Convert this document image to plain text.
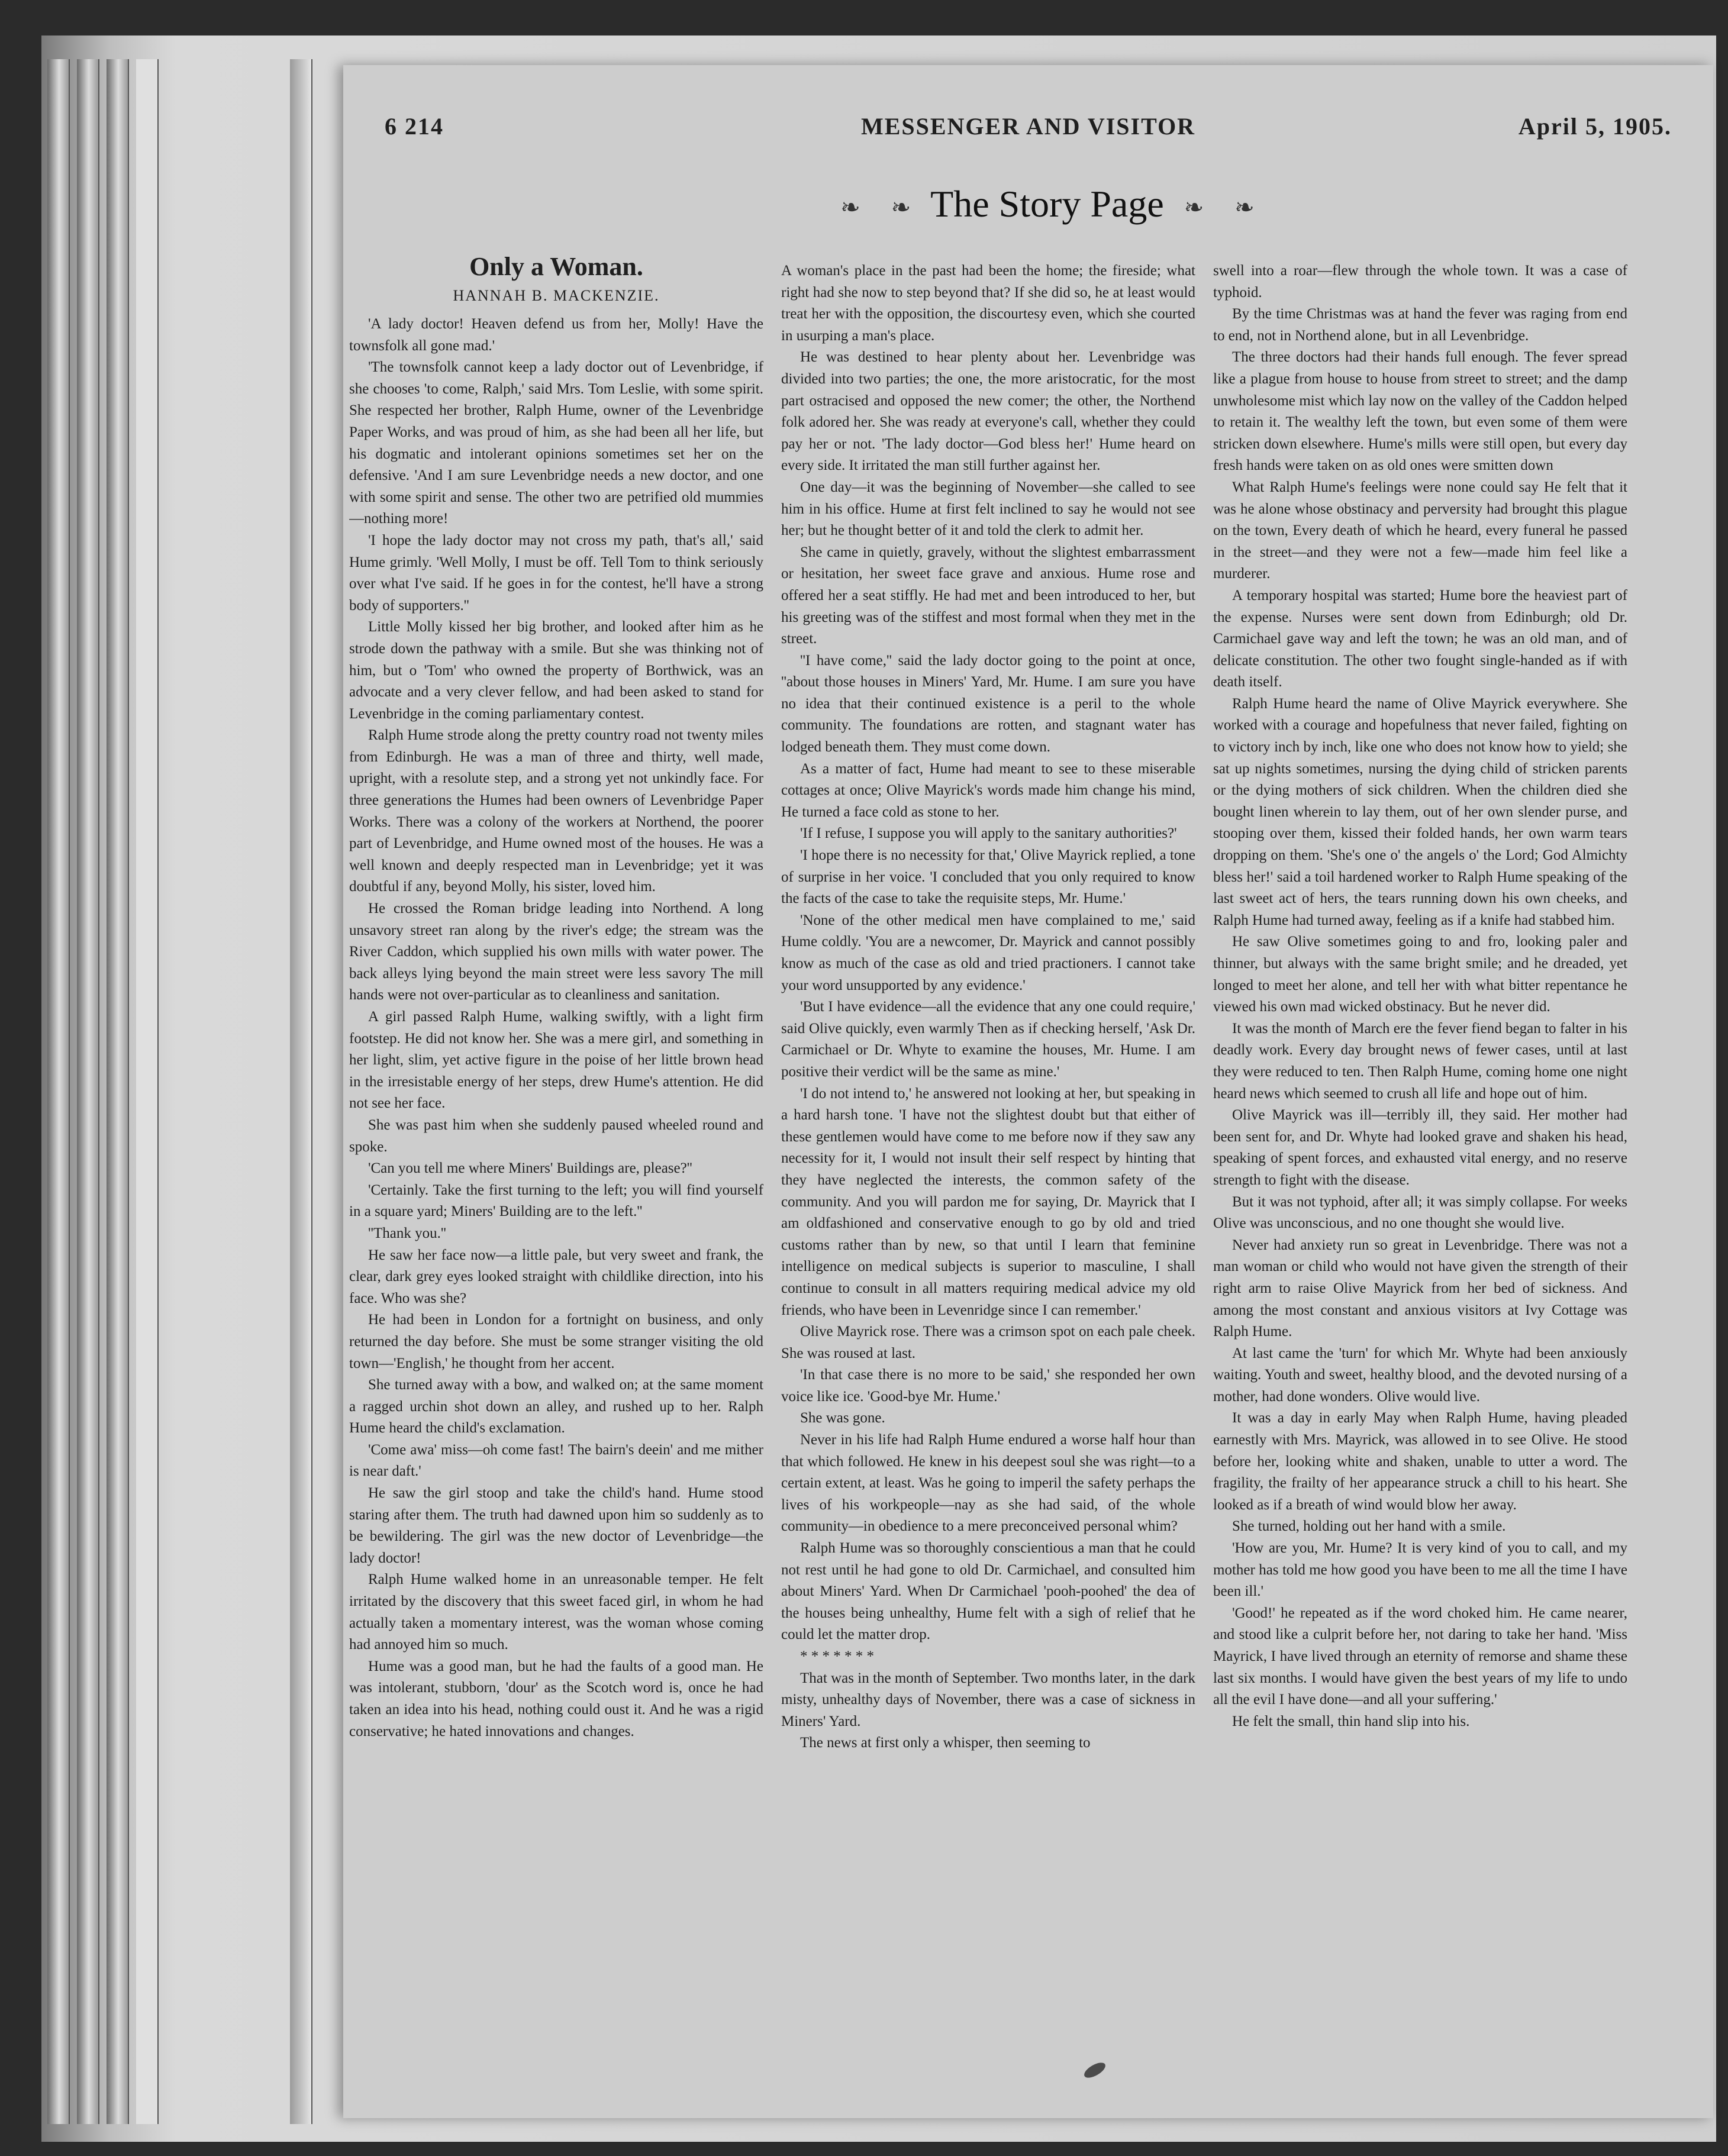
6 214	MESSENGER AND VISITOR	April 5, 1905.
❧ ❧ The Story Page ❧ ❧
Only a Woman.
HANNAH B. MACKENZIE.

'A lady doctor! Heaven defend us from her, Molly! Have the townsfolk all gone mad.'

'The townsfolk cannot keep a lady doctor out of Levenbridge, if she chooses 'to come, Ralph,' said Mrs. Tom Leslie, with some spirit. She respected her brother, Ralph Hume, owner of the Levenbridge Paper Works, and was proud of him, as she had been all her life, but his dogmatic and intolerant opinions sometimes set her on the defensive. 'And I am sure Levenbridge needs a new doctor, and one with some spirit and sense. The other two are petrified old mummies—nothing more!

'I hope the lady doctor may not cross my path, that's all,' said Hume grimly. 'Well Molly, I must be off. Tell Tom to think seriously over what I've said. If he goes in for the contest, he'll have a strong body of supporters.''

Little Molly kissed her big brother, and looked after him as he strode down the pathway with a smile. But she was thinking not of him, but o 'Tom' who owned the property of Borthwick, was an advocate and a very clever fellow, and had been asked to stand for Levenbridge in the coming parliamentary contest.

Ralph Hume strode along the pretty country road not twenty miles from Edinburgh. He was a man of three and thirty, well made, upright, with a resolute step, and a strong yet not unkindly face. For three generations the Humes had been owners of Levenbridge Paper Works. There was a colony of the workers at Northend, the poorer part of Levenbridge, and Hume owned most of the houses. He was a well known and deeply respected man in Levenbridge; yet it was doubtful if any, beyond Molly, his sister, loved him.

He crossed the Roman bridge leading into Northend. A long unsavory street ran along by the river's edge; the stream was the River Caddon, which supplied his own mills with water power. The back alleys lying beyond the main street were less savory The mill hands were not over-particular as to cleanliness and sanitation.

A girl passed Ralph Hume, walking swiftly, with a light firm footstep. He did not know her. She was a mere girl, and something in her light, slim, yet active figure in the poise of her little brown head in the irresistable energy of her steps, drew Hume's attention. He did not see her face.

She was past him when she suddenly paused wheeled round and spoke.

'Can you tell me where Miners' Buildings are, please?''

'Certainly. Take the first turning to the left; you will find yourself in a square yard; Miners' Building are to the left.''

''Thank you.''

He saw her face now—a little pale, but very sweet and frank, the clear, dark grey eyes looked straight with childlike direction, into his face. Who was she?

He had been in London for a fortnight on business, and only returned the day before. She must be some stranger visiting the old town—'English,' he thought from her accent.

She turned away with a bow, and walked on; at the same moment a ragged urchin shot down an alley, and rushed up to her. Ralph Hume heard the child's exclamation.

'Come awa' miss—oh come fast! The bairn's deein' and me mither is near daft.'

He saw the girl stoop and take the child's hand. Hume stood staring after them. The truth had dawned upon him so suddenly as to be bewildering. The girl was the new doctor of Levenbridge—the lady doctor!

Ralph Hume walked home in an unreasonable temper. He felt irritated by the discovery that this sweet faced girl, in whom he had actually taken a momentary interest, was the woman whose coming had annoyed him so much.

Hume was a good man, but he had the faults of a good man. He was intolerant, stubborn, 'dour' as the Scotch word is, once he had taken an idea into his head, nothing could oust it. And he was a rigid conservative; he hated innovations and changes.

A woman's place in the past had been the home; the fireside; what right had she now to step beyond that? If she did so, he at least would treat her with the opposition, the discourtesy even, which she courted in usurping a man's place.

He was destined to hear plenty about her. Levenbridge was divided into two parties; the one, the more aristocratic, for the most part ostracised and opposed the new comer; the other, the Northend folk adored her. She was ready at everyone's call, whether they could pay her or not. 'The lady doctor—God bless her!' Hume heard on every side. It irritated the man still further against her.

One day—it was the beginning of November—she called to see him in his office. Hume at first felt inclined to say he would not see her; but he thought better of it and told the clerk to admit her.

She came in quietly, gravely, without the slightest embarrassment or hesitation, her sweet face grave and anxious. Hume rose and offered her a seat stiffly. He had met and been introduced to her, but his greeting was of the stiffest and most formal when they met in the street.

''I have come,'' said the lady doctor going to the point at once, ''about those houses in Miners' Yard, Mr. Hume. I am sure you have no idea that their continued existence is a peril to the whole community. The foundations are rotten, and stagnant water has lodged beneath them. They must come down.

As a matter of fact, Hume had meant to see to these miserable cottages at once; Olive Mayrick's words made him change his mind, He turned a face cold as stone to her.

'If I refuse, I suppose you will apply to the sanitary authorities?'

'I hope there is no necessity for that,' Olive Mayrick replied, a tone of surprise in her voice. 'I concluded that you only required to know the facts of the case to take the requisite steps, Mr. Hume.'

'None of the other medical men have complained to me,' said Hume coldly. 'You are a newcomer, Dr. Mayrick and cannot possibly know as much of the case as old and tried practioners. I cannot take your word unsupported by any evidence.'

'But I have evidence—all the evidence that any one could require,' said Olive quickly, even warmly Then as if checking herself, 'Ask Dr. Carmichael or Dr. Whyte to examine the houses, Mr. Hume. I am positive their verdict will be the same as mine.'

'I do not intend to,' he answered not looking at her, but speaking in a hard harsh tone. 'I have not the slightest doubt but that either of these gentlemen would have come to me before now if they saw any necessity for it, I would not insult their self respect by hinting that they have neglected the interests, the common safety of the community. And you will pardon me for saying, Dr. Mayrick that I am oldfashioned and conservative enough to go by old and tried customs rather than by new, so that until I learn that feminine intelligence on medical subjects is superior to masculine, I shall continue to consult in all matters requiring medical advice my old friends, who have been in Levenridge since I can remember.'

Olive Mayrick rose. There was a crimson spot on each pale cheek. She was roused at last.

'In that case there is no more to be said,' she responded her own voice like ice. 'Good-bye Mr. Hume.'

She was gone.

Never in his life had Ralph Hume endured a worse half hour than that which followed. He knew in his deepest soul she was right—to a certain extent, at least. Was he going to imperil the safety perhaps the lives of his workpeople—nay as she had said, of the whole community—in obedience to a mere preconceived personal whim?

Ralph Hume was so thoroughly conscientious a man that he could not rest until he had gone to old Dr. Carmichael, and consulted him about Miners' Yard. When Dr Carmichael 'pooh-poohed' the dea of the houses being unhealthy, Hume felt with a sigh of relief that he could let the matter drop.

* * * * * * *

That was in the month of September. Two months later, in the dark misty, unhealthy days of November, there was a case of sickness in Miners' Yard.

The news at first only a whisper, then seeming to

swell into a roar—flew through the whole town. It was a case of typhoid.

By the time Christmas was at hand the fever was raging from end to end, not in Northend alone, but in all Levenbridge.

The three doctors had their hands full enough. The fever spread like a plague from house to house from street to street; and the damp unwholesome mist which lay now on the valley of the Caddon helped to retain it. The wealthy left the town, but even some of them were stricken down elsewhere. Hume's mills were still open, but every day fresh hands were taken on as old ones were smitten down

What Ralph Hume's feelings were none could say He felt that it was he alone whose obstinacy and perversity had brought this plague on the town, Every death of which he heard, every funeral he passed in the street—and they were not a few—made him feel like a murderer.

A temporary hospital was started; Hume bore the heaviest part of the expense. Nurses were sent down from Edinburgh; old Dr. Carmichael gave way and left the town; he was an old man, and of delicate constitution. The other two fought single-handed as if with death itself.

Ralph Hume heard the name of Olive Mayrick everywhere. She worked with a courage and hopefulness that never failed, fighting on to victory inch by inch, like one who does not know how to yield; she sat up nights sometimes, nursing the dying child of stricken parents or the dying mothers of sick children. When the children died she bought linen wherein to lay them, out of her own slender purse, and stooping over them, kissed their folded hands, her own warm tears dropping on them. 'She's one o' the angels o' the Lord; God Almichty bless her!' said a toil hardened worker to Ralph Hume speaking of the last sweet act of hers, the tears running down his own cheeks, and Ralph Hume had turned away, feeling as if a knife had stabbed him.

He saw Olive sometimes going to and fro, looking paler and thinner, but always with the same bright smile; and he dreaded, yet longed to meet her alone, and tell her with what bitter repentance he viewed his own mad wicked obstinacy. But he never did.

It was the month of March ere the fever fiend began to falter in his deadly work. Every day brought news of fewer cases, until at last they were reduced to ten. Then Ralph Hume, coming home one night heard news which seemed to crush all life and hope out of him.

Olive Mayrick was ill—terribly ill, they said. Her mother had been sent for, and Dr. Whyte had looked grave and shaken his head, speaking of spent forces, and exhausted vital energy, and no reserve strength to fight with the disease.

But it was not typhoid, after all; it was simply collapse. For weeks Olive was unconscious, and no one thought she would live.

Never had anxiety run so great in Levenbridge. There was not a man woman or child who would not have given the strength of their right arm to raise Olive Mayrick from her bed of sickness. And among the most constant and anxious visitors at Ivy Cottage was Ralph Hume.

At last came the 'turn' for which Mr. Whyte had been anxiously waiting. Youth and sweet, healthy blood, and the devoted nursing of a mother, had done wonders. Olive would live.

It was a day in early May when Ralph Hume, having pleaded earnestly with Mrs. Mayrick, was allowed in to see Olive. He stood before her, looking white and shaken, unable to utter a word. The fragility, the frailty of her appearance struck a chill to his heart. She looked as if a breath of wind would blow her away.

She turned, holding out her hand with a smile.

'How are you, Mr. Hume? It is very kind of you to call, and my mother has told me how good you have been to me all the time I have been ill.'

'Good!' he repeated as if the word choked him. He came nearer, and stood like a culprit before her, not daring to take her hand. 'Miss Mayrick, I have lived through an eternity of remorse and shame these last six months. I would have given the best years of my life to undo all the evil I have done—and all your suffering.'

He felt the small, thin hand slip into his.
